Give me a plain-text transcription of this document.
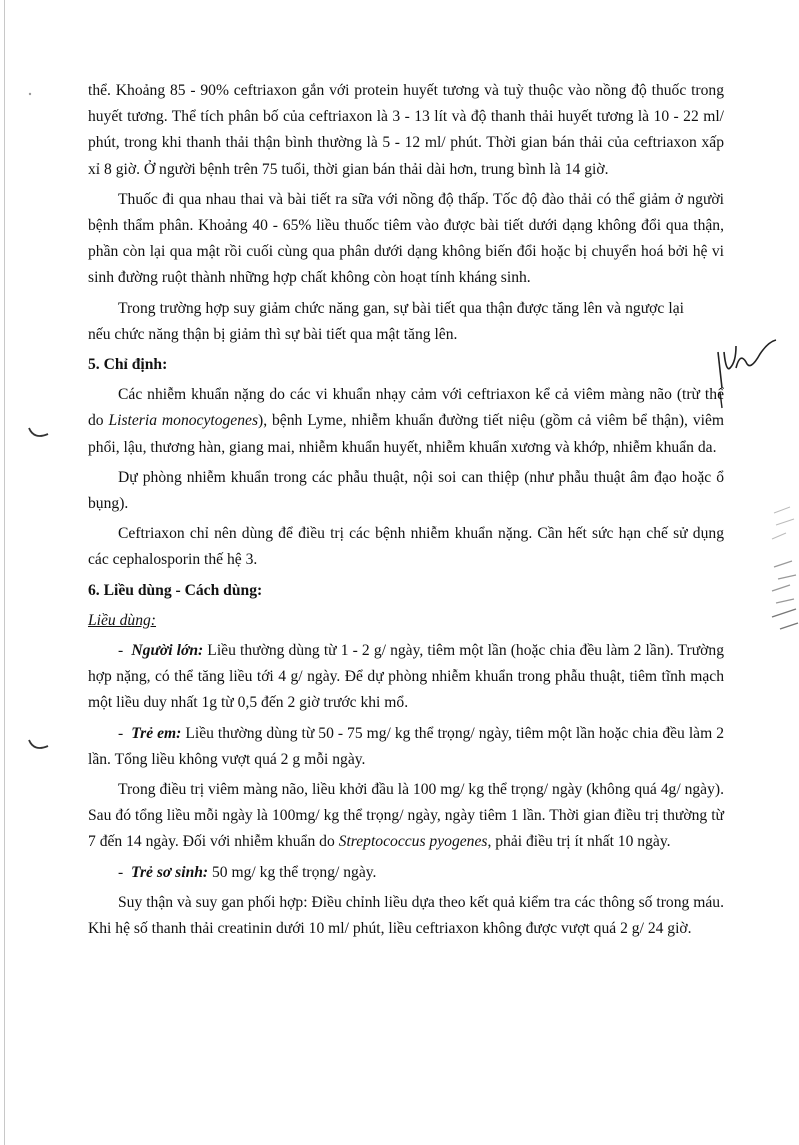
thể. Khoảng 85 - 90% ceftriaxon gắn với protein huyết tương và tuỳ thuộc vào nồng độ thuốc trong huyết tương. Thể tích phân bố của ceftriaxon là 3 - 13 lít và độ thanh thải huyết tương là 10 - 22 ml/ phút, trong khi thanh thải thận bình thường là 5 - 12 ml/ phút. Thời gian bán thải của ceftriaxon xấp xỉ 8 giờ. Ở người bệnh trên 75 tuổi, thời gian bán thải dài hơn, trung bình là 14 giờ.

Thuốc đi qua nhau thai và bài tiết ra sữa với nồng độ thấp. Tốc độ đào thải có thể giảm ở người bệnh thẩm phân. Khoảng 40 - 65% liều thuốc tiêm vào được bài tiết dưới dạng không đổi qua thận, phần còn lại qua mật rồi cuối cùng qua phân dưới dạng không biến đổi hoặc bị chuyển hoá bởi hệ vi sinh đường ruột thành những hợp chất không còn hoạt tính kháng sinh.

Trong trường hợp suy giảm chức năng gan, sự bài tiết qua thận được tăng lên và ngược lại nếu chức năng thận bị giảm thì sự bài tiết qua mật tăng lên.

5. Chỉ định:

Các nhiễm khuẩn nặng do các vi khuẩn nhạy cảm với ceftriaxon kể cả viêm màng não (trừ thể do Listeria monocytogenes), bệnh Lyme, nhiễm khuẩn đường tiết niệu (gồm cả viêm bể thận), viêm phổi, lậu, thương hàn, giang mai, nhiễm khuẩn huyết, nhiễm khuẩn xương và khớp, nhiễm khuẩn da.

Dự phòng nhiễm khuẩn trong các phẫu thuật, nội soi can thiệp (như phẫu thuật âm đạo hoặc ổ bụng).

Ceftriaxon chỉ nên dùng để điều trị các bệnh nhiễm khuẩn nặng. Cần hết sức hạn chế sử dụng các cephalosporin thế hệ 3.

6. Liều dùng - Cách dùng:

Liều dùng:

- Người lớn: Liều thường dùng từ 1 - 2 g/ ngày, tiêm một lần (hoặc chia đều làm 2 lần). Trường hợp nặng, có thể tăng liều tới 4 g/ ngày. Để dự phòng nhiễm khuẩn trong phẫu thuật, tiêm tĩnh mạch một liều duy nhất 1g từ 0,5 đến 2 giờ trước khi mổ.

- Trẻ em: Liều thường dùng từ 50 - 75 mg/ kg thể trọng/ ngày, tiêm một lần hoặc chia đều làm 2 lần. Tổng liều không vượt quá 2 g mỗi ngày.

Trong điều trị viêm màng não, liều khởi đầu là 100 mg/ kg thể trọng/ ngày (không quá 4g/ ngày). Sau đó tổng liều mỗi ngày là 100mg/ kg thể trọng/ ngày, ngày tiêm 1 lần. Thời gian điều trị thường từ 7 đến 14 ngày. Đối với nhiễm khuẩn do Streptococcus pyogenes, phải điều trị ít nhất 10 ngày.

- Trẻ sơ sinh: 50 mg/ kg thể trọng/ ngày.

Suy thận và suy gan phối hợp: Điều chỉnh liều dựa theo kết quả kiểm tra các thông số trong máu. Khi hệ số thanh thải creatinin dưới 10 ml/ phút, liều ceftriaxon không được vượt quá 2 g/ 24 giờ.
